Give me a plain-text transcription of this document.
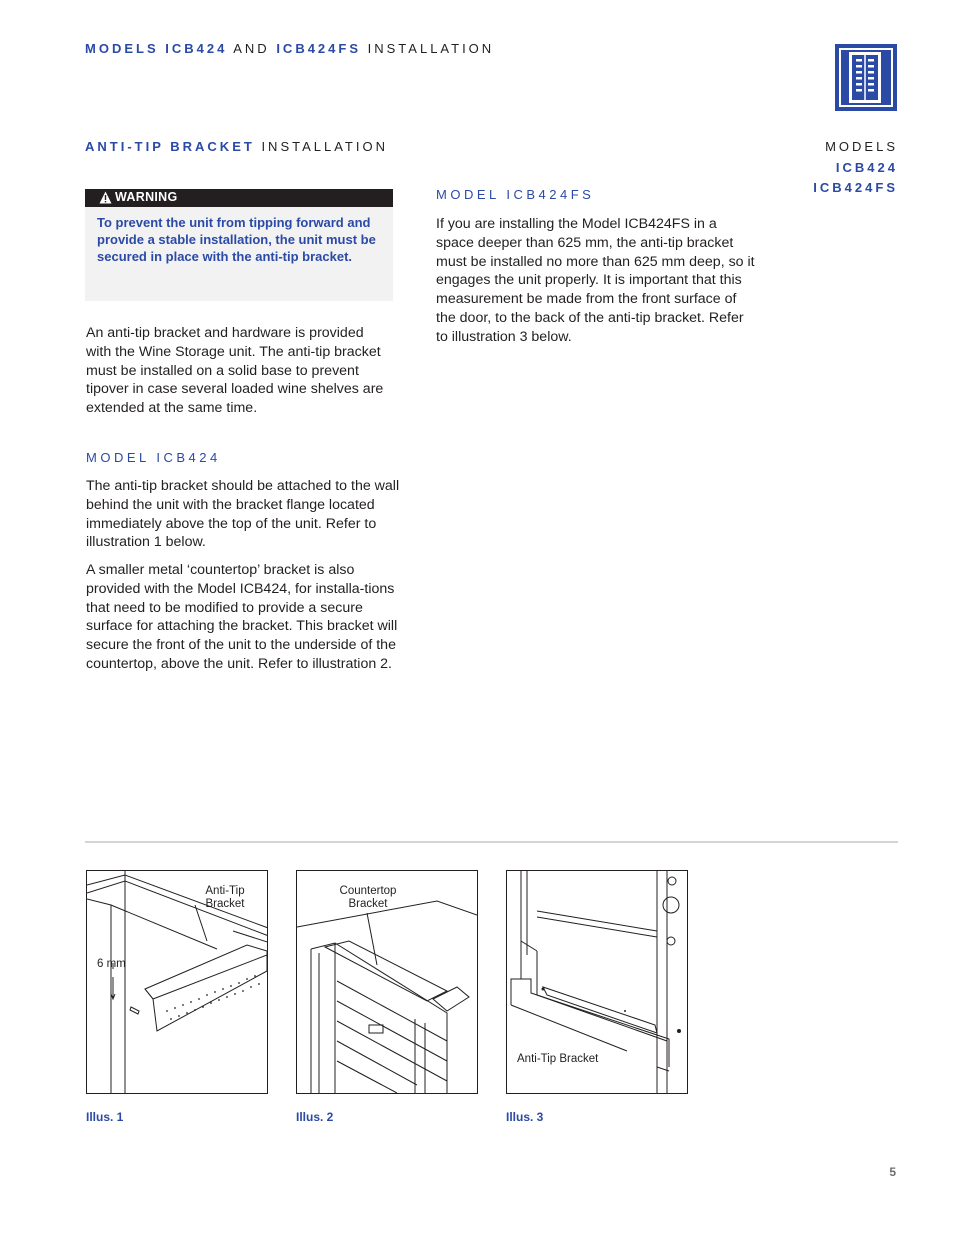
MODELS ICB424 AND ICB424FS INSTALLATION
ANTI-TIP BRACKET INSTALLATION	MODELS
ICB424
ICB424FS
WARNING
To prevent the unit from tipping forward and provide a stable installation, the unit must be secured in place with the anti-tip bracket.
An anti-tip bracket and hardware is provided with the Wine Storage unit. The anti-tip bracket must be installed on a solid base to prevent tipover in case several loaded wine shelves are extended at the same time.
MODEL ICB424
The anti-tip bracket should be attached to the wall behind the unit with the bracket flange located immediately above the top of the unit. Refer to illustration 1 below.
A smaller metal ‘countertop’ bracket is also provided with the Model ICB424, for installa-tions that need to be modified to provide a secure surface for attaching the bracket. This bracket will secure the front of the unit to the underside of the countertop, above the unit. Refer to illustration 2.
MODEL ICB424FS
If you are installing the Model ICB424FS in a space deeper than 625 mm, the anti-tip bracket must be installed no more than 625 mm deep, so it engages the unit properly. It is important that this measurement be made from the front surface of the door, to the back of the anti-tip bracket. Refer to illustration 3 below.
Anti-Tip Bracket
6 mm
Illus. 1
Countertop Bracket
Illus. 2
Anti-Tip Bracket
Illus. 3
5
